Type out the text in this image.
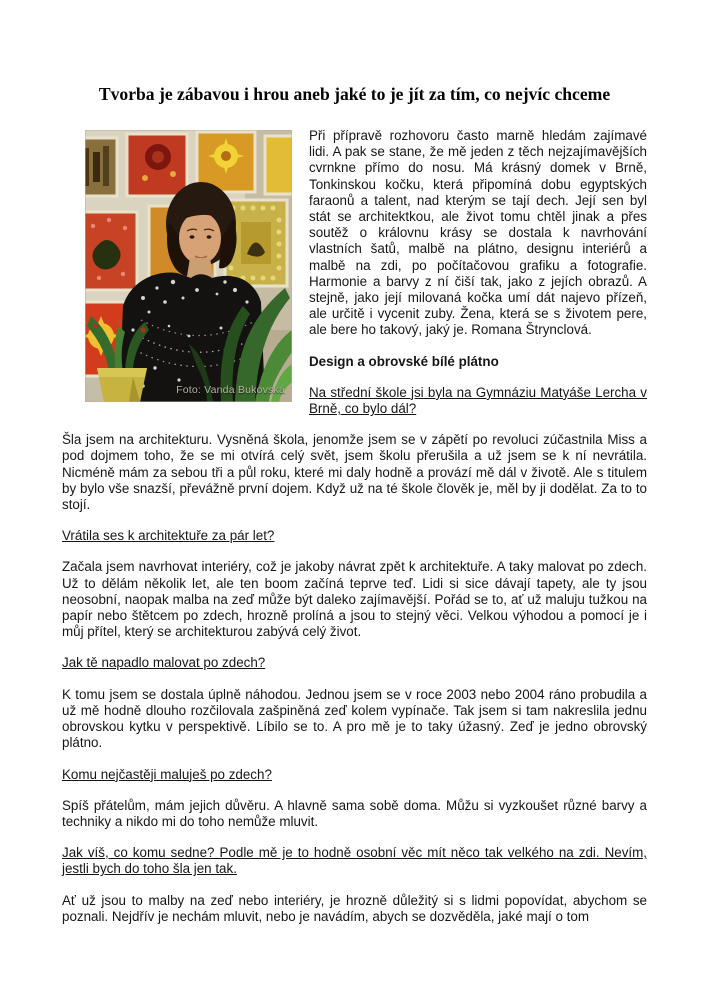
Tvorba je zábavou i hrou aneb jaké to je jít za tím, co nejvíc chceme
Foto: Vanda Bukovská

Při přípravě rozhovoru často marně hledám zajímavé lidi. A pak se stane, že mě jeden z těch nejzajímavějších cvrnkne přímo do nosu. Má krásný domek v Brně, Tonkinskou kočku, která připomíná dobu egyptských faraonů a talent, nad kterým se tají dech. Její sen byl stát se architektkou, ale život tomu chtěl jinak a přes soutěž o královnu krásy se dostala k navrhování vlastních šatů, malbě na plátno, designu interiérů a malbě na zdi, po počítačovou grafiku a fotografie. Harmonie a barvy z ní čiší tak, jako z jejích obrazů. A stejně, jako její milovaná kočka umí dát najevo přízeň, ale určitě i vycenit zuby. Žena, která se s životem pere, ale bere ho takový, jaký je. Romana Štrynclová.

Design a obrovské bílé plátno

Na střední škole jsi byla na Gymnáziu Matyáše Lercha v Brně, co bylo dál?

Šla jsem na architekturu. Vysněná škola, jenomže jsem se v zápětí po revoluci zúčastnila Miss a pod dojmem toho, že se mi otvírá celý svět, jsem školu přerušila a už jsem se k ní nevrátila. Nicméně mám za sebou tři a půl roku, které mi daly hodně a provází mě dál v životě. Ale s titulem by bylo vše snazší, převážně první dojem. Když už na té škole člověk je, měl by ji dodělat. Za to to stojí.

Vrátila ses k architektuře za pár let?

Začala jsem navrhovat interiéry, což je jakoby návrat zpět k architektuře. A taky malovat po zdech. Už to dělám několik let, ale ten boom začíná teprve teď. Lidi si sice dávají tapety, ale ty jsou neosobní, naopak malba na zeď může být daleko zajímavější. Pořád se to, ať už maluju tužkou na papír nebo štětcem po zdech, hrozně prolíná a jsou to stejný věci. Velkou výhodou a pomocí je i můj přítel, který se architekturou zabývá celý život.

Jak tě napadlo malovat po zdech?

K tomu jsem se dostala úplně náhodou. Jednou jsem se v roce 2003 nebo 2004 ráno probudila a už mě hodně dlouho rozčilovala zašpiněná zeď kolem vypínače. Tak jsem si tam nakreslila jednu obrovskou kytku v perspektivě. Líbilo se to. A pro mě je to taky úžasný. Zeď je jedno obrovský plátno.

Komu nejčastěji maluješ po zdech?

Spíš přátelům, mám jejich důvěru. A hlavně sama sobě doma. Můžu si vyzkoušet různé barvy a techniky a nikdo mi do toho nemůže mluvit.

Jak víš, co komu sedne? Podle mě je to hodně osobní věc mít něco tak velkého na zdi. Nevím, jestli bych do toho šla jen tak.

Ať už jsou to malby na zeď nebo interiéry, je hrozně důležitý si s lidmi popovídat, abychom se poznali. Nejdřív je nechám mluvit, nebo je navádím, abych se dozvěděla, jaké mají o tom
